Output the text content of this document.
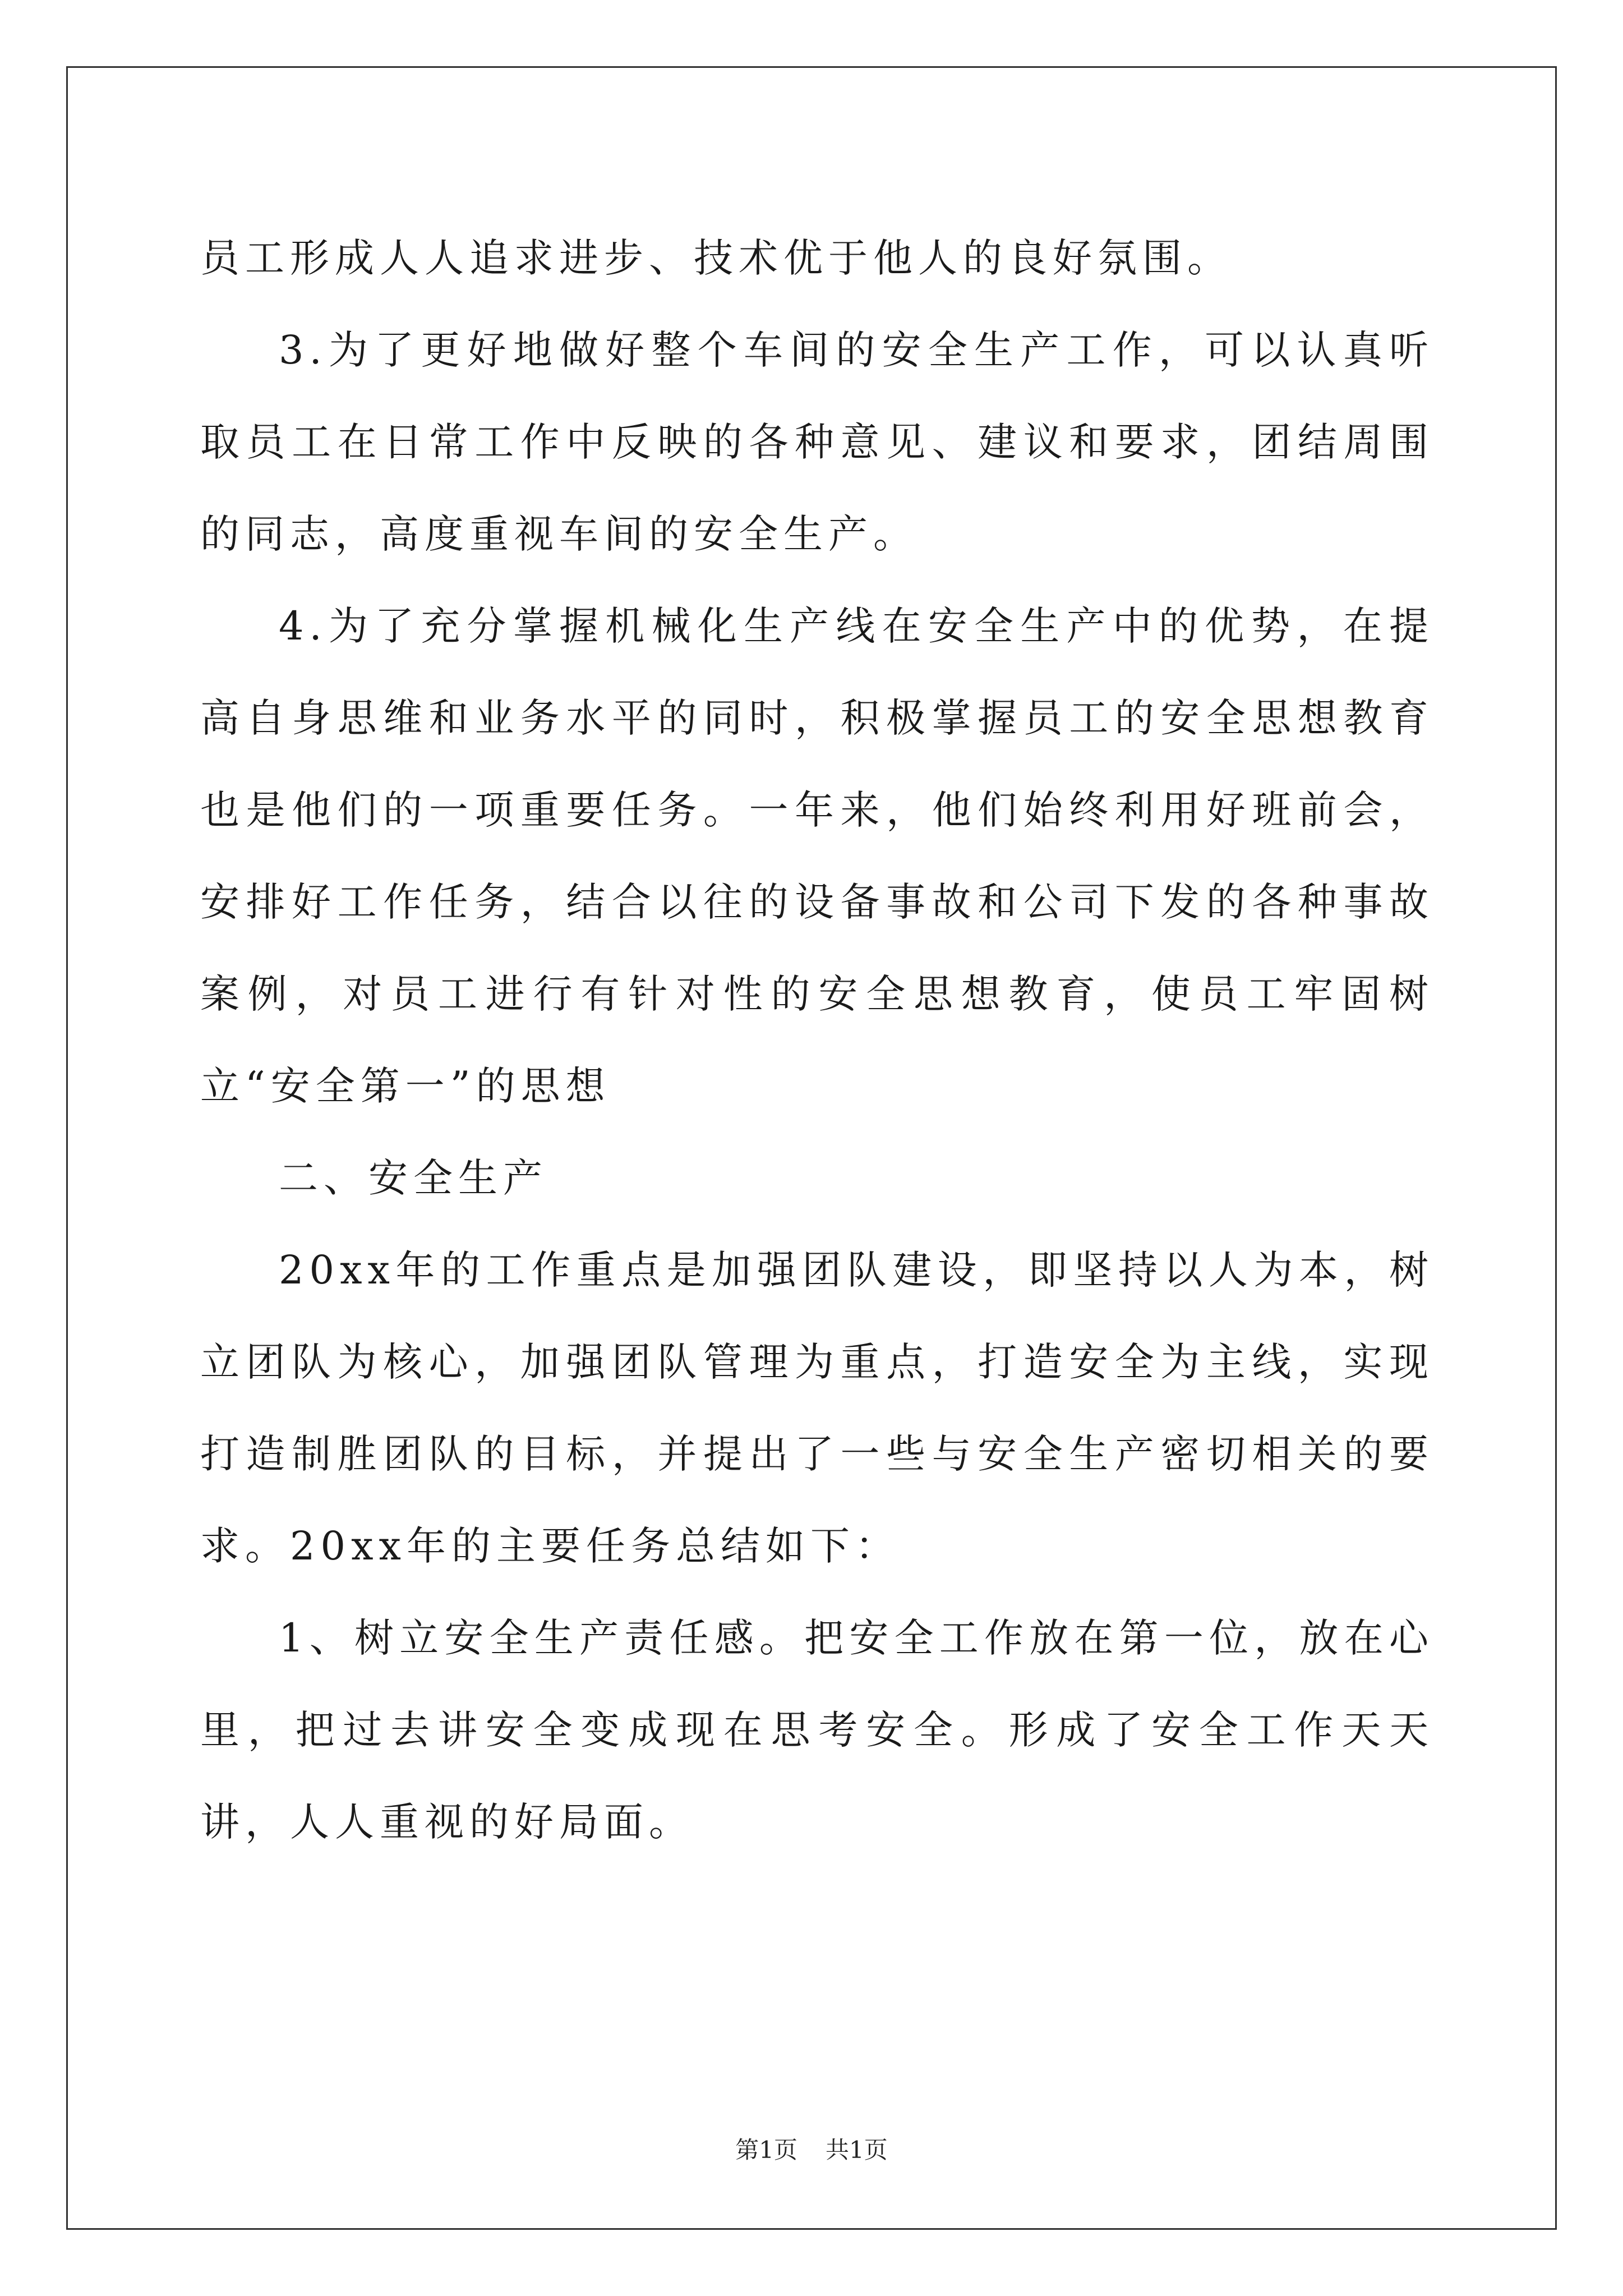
员工形成人人追求进步、技术优于他人的良好氛围。

3.为了更好地做好整个车间的安全生产工作，可以认真听取员工在日常工作中反映的各种意见、建议和要求，团结周围的同志，高度重视车间的安全生产。

4.为了充分掌握机械化生产线在安全生产中的优势，在提高自身思维和业务水平的同时，积极掌握员工的安全思想教育也是他们的一项重要任务。一年来，他们始终利用好班前会，安排好工作任务，结合以往的设备事故和公司下发的各种事故案例，对员工进行有针对性的安全思想教育，使员工牢固树立“安全第一”的思想

二、安全生产

20xx年的工作重点是加强团队建设，即坚持以人为本，树立团队为核心，加强团队管理为重点，打造安全为主线，实现打造制胜团队的目标，并提出了一些与安全生产密切相关的要求。20xx年的主要任务总结如下：

1、树立安全生产责任感。把安全工作放在第一位，放在心里，把过去讲安全变成现在思考安全。形成了安全工作天天讲，人人重视的好局面。

第1页 共1页
